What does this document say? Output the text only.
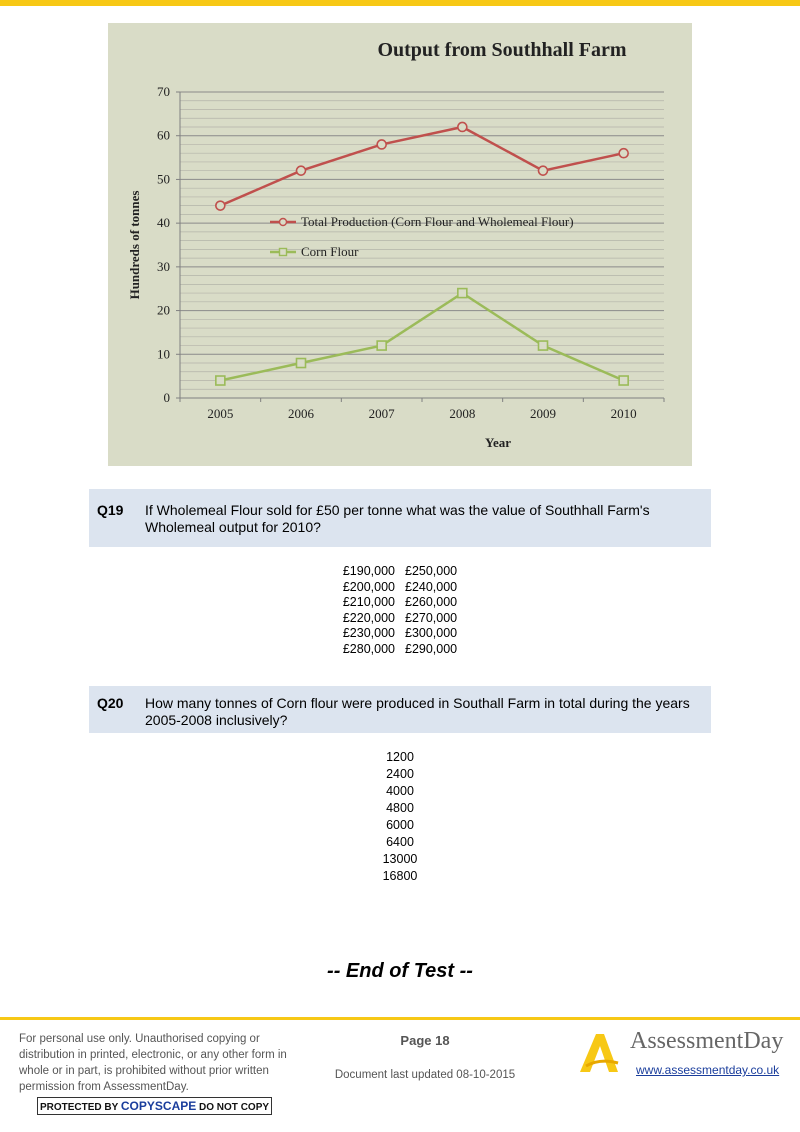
Output from Southhall Farm
0
10
20
30
40
50
60
70
2005	2006	2007	2008	2009	2010
Year
Hundreds of tonnes	Total Production (Corn Flour and Wholemeal Flour)
Corn Flour
Q19 If Wholemeal Flour sold for £50 per tonne what was the value of Southhall Farm's Wholemeal output for 2010?
£190,000 £250,000
£200,000 £240,000
£210,000 £260,000
£220,000 £270,000
£230,000 £300,000
£280,000 £290,000
Q20 How many tonnes of Corn flour were produced in Southall Farm in total during the years 2005-2008 inclusively?
1200
2400
4000
4800
6000
6400
13000
16800
-- End of Test --
For personal use only. Unauthorised copying or distribution in printed, electronic, or any other form in whole or in part, is prohibited without prior written permission from AssessmentDay.
PROTECTED BY COPYSCAPE DO NOT COPY
Page 18
Document last updated 08-10-2015
AssessmentDay
www.assessmentday.co.uk
